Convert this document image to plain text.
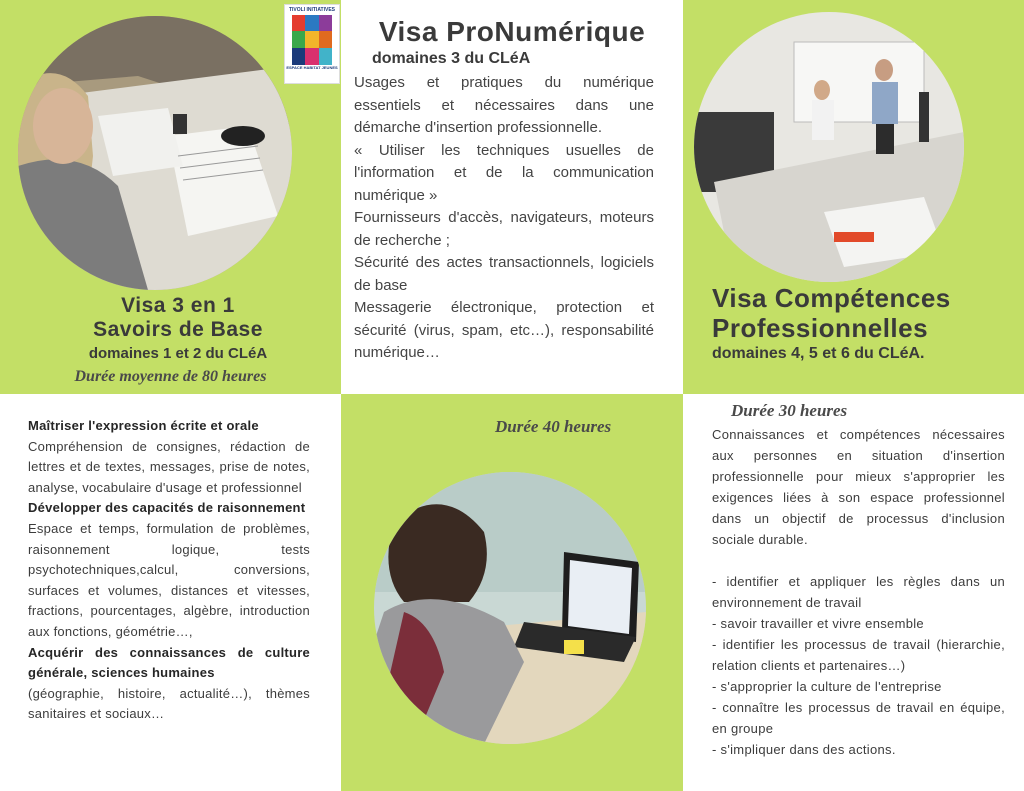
TIVOLI INITIATIVES
ESPACE HABITAT JEUNES
Visa 3 en 1
Savoirs de Base
domaines 1 et 2 du CLéA
Durée moyenne de 80 heures
Visa ProNumérique
domaines 3 du CLéA

Usages et pratiques du numérique essentiels et nécessaires dans une démarche d'insertion professionnelle.

« Utiliser les techniques usuelles de l'information et de la communication numérique »

Fournisseurs d'accès, navigateurs, moteurs de recherche ;

Sécurité des actes transactionnels, logiciels de base

Messagerie électronique, protection et sécurité (virus, spam, etc…), responsabilité numérique…

Visa Compétences
Professionnelles
domaines 4, 5 et 6 du CLéA.

Maîtriser l'expression écrite et orale

Compréhension de consignes, rédaction de lettres et de textes, messages, prise de notes, analyse, vocabulaire d'usage et professionnel

Développer des capacités de raisonnement

Espace et temps, formulation de problèmes, raisonnement logique, tests psychotechniques,calcul, conversions, surfaces et volumes, distances et vitesses, fractions, pourcentages, algèbre, introduction aux fonctions, géométrie…,

Acquérir des connaissances de culture générale, sciences humaines

(géographie, histoire, actualité…), thèmes sanitaires et sociaux…

Durée 40 heures
Durée 30 heures

Connaissances et compétences nécessaires aux personnes en situation d'insertion professionnelle pour mieux s'approprier les exigences liées à son espace professionnel dans un objectif de processus d'inclusion sociale durable.

- identifier et appliquer les règles dans un environnement de travail

- savoir travailler et vivre ensemble

- identifier les processus de travail (hierarchie, relation clients et partenaires…)

- s'approprier la culture de l'entreprise

- connaître les processus de travail en équipe, en groupe

- s'impliquer dans des actions.
